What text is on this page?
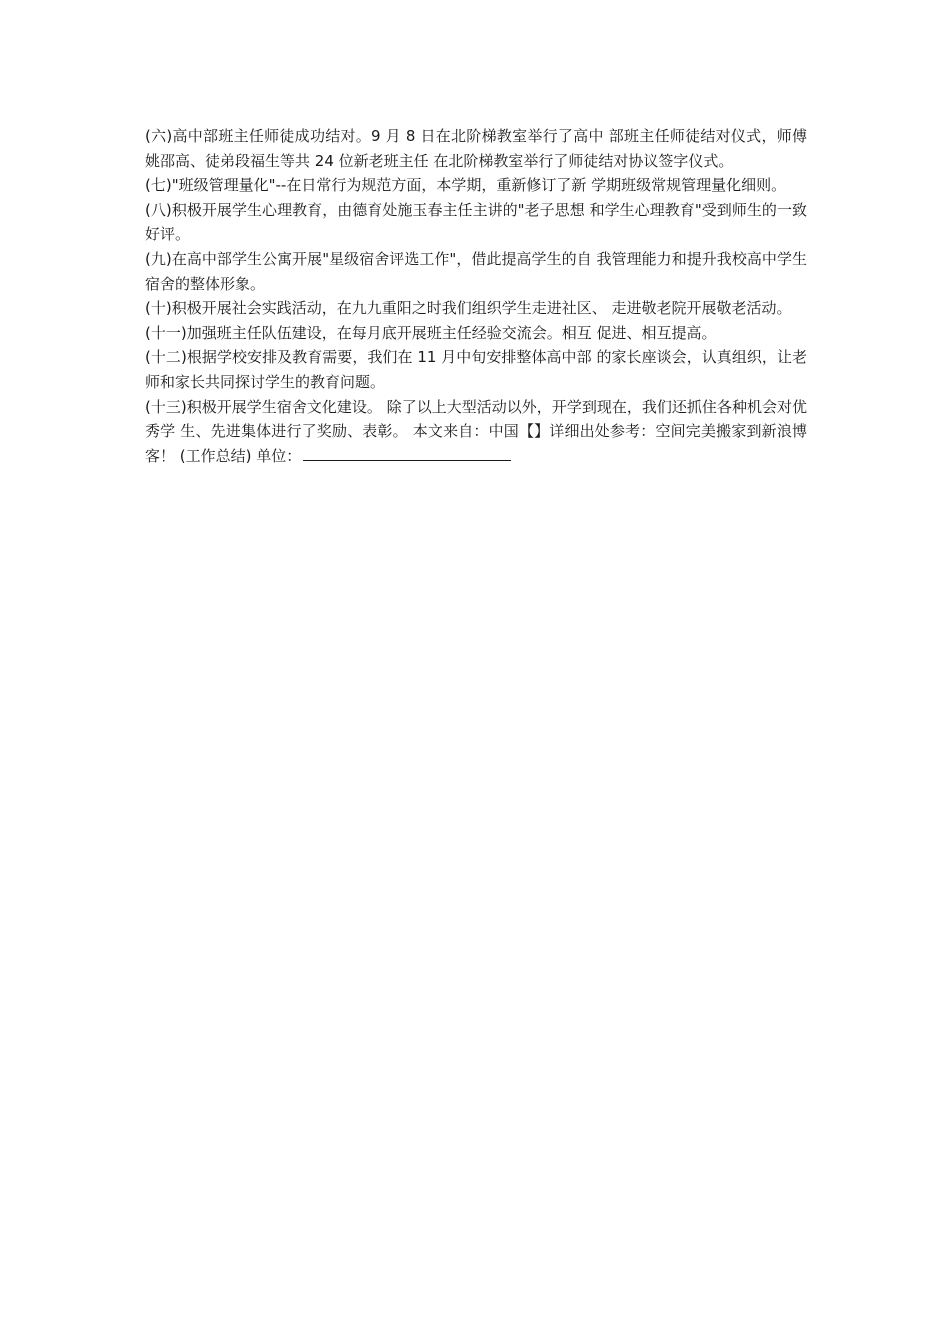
(六)高中部班主任师徒成功结对。9 月 8 日在北阶梯教室举行了高中 部班主任师徒结对仪式，师傅姚邵高、徒弟段福生等共 24 位新老班主任 在北阶梯教室举行了师徒结对协议签字仪式。

(七)"班级管理量化"--在日常行为规范方面，本学期，重新修订了新 学期班级常规管理量化细则。

(八)积极开展学生心理教育，由德育处施玉春主任主讲的"老子思想 和学生心理教育"受到师生的一致好评。

(九)在高中部学生公寓开展"星级宿舍评选工作"，借此提高学生的自 我管理能力和提升我校高中学生宿舍的整体形象。

(十)积极开展社会实践活动，在九九重阳之时我们组织学生走进社区、 走进敬老院开展敬老活动。

(十一)加强班主任队伍建设，在每月底开展班主任经验交流会。相互 促进、相互提高。

(十二)根据学校安排及教育需要，我们在 11 月中旬安排整体高中部 的家长座谈会，认真组织，让老师和家长共同探讨学生的教育问题。

(十三)积极开展学生宿舍文化建设。 除了以上大型活动以外，开学到现在，我们还抓住各种机会对优秀学 生、先进集体进行了奖励、表彰。 本文来自：中国【】详细出处参考：空间完美搬家到新浪博客！ (工作总结) 单位：
